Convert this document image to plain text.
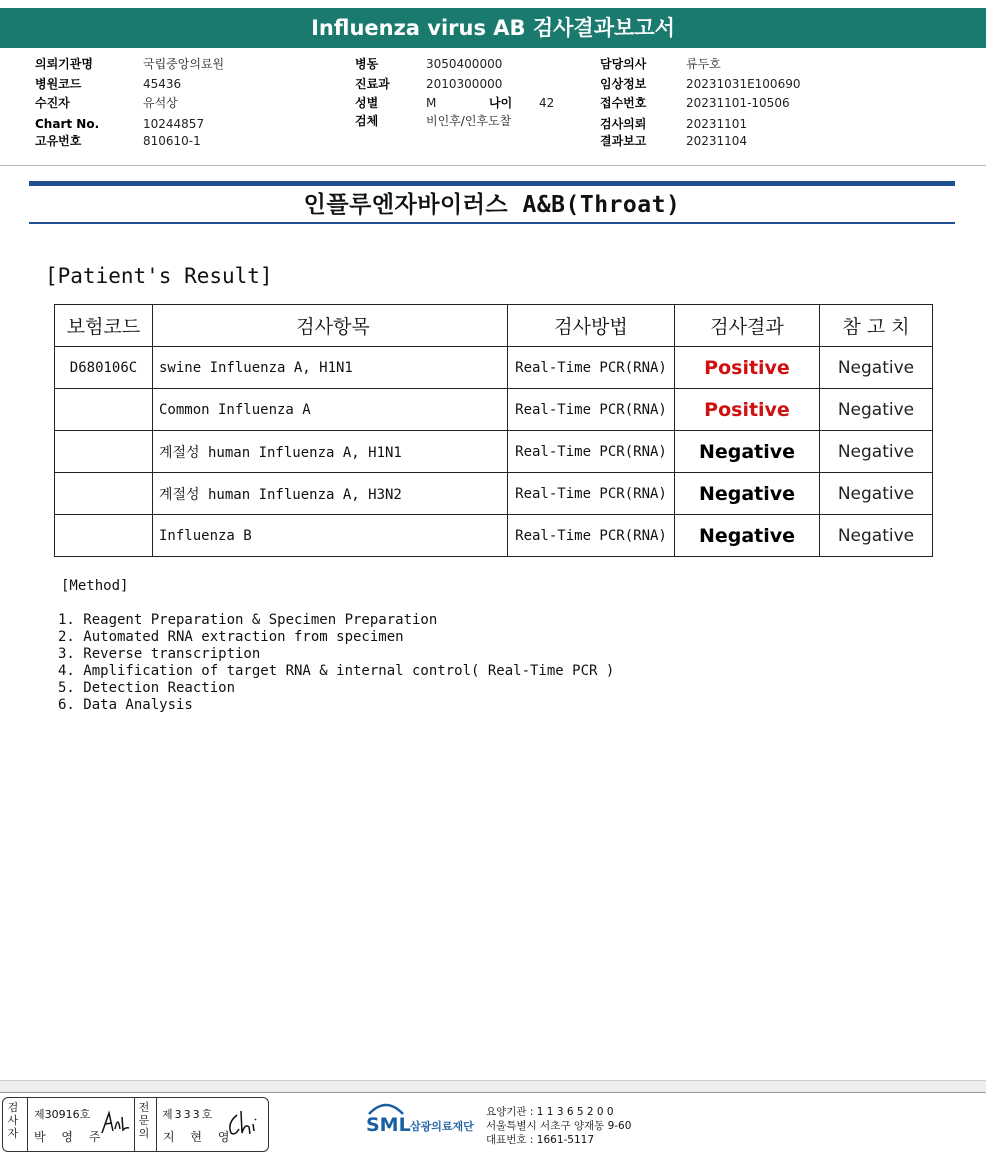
Influenza virus AB 검사결과보고서
의뢰기관명	국립중앙의료원
병원코드	45436
수진자	유석상
Chart No.	10244857
고유번호	810610-1
병동	3050400000
진료과	2010300000
성별	M	나이 42
검체	비인후/인후도찰
담당의사	류두호
임상정보	20231031E100690
접수번호	20231101-10506
검사의뢰	20231101
결과보고	20231104
인플루엔자바이러스 A&B(Throat)
[Patient's Result]
보험코드	검사항목	검사방법	검사결과	참 고 치
D680106C	swine Influenza A, H1N1	Real-Time PCR(RNA)	Positive	Negative
	Common Influenza A	Real-Time PCR(RNA)	Positive	Negative
	계절성 human Influenza A, H1N1	Real-Time PCR(RNA)	Negative	Negative
	계절성 human Influenza A, H3N2	Real-Time PCR(RNA)	Negative	Negative
	Influenza B	Real-Time PCR(RNA)	Negative	Negative
[Method]
1. Reagent Preparation & Specimen Preparation
2. Automated RNA extraction from specimen
3. Reverse transcription
4. Amplification of target RNA & internal control( Real-Time PCR )
5. Detection Reaction
6. Data Analysis
검사자
제30916호
박 영 주
전문의
제333호
지 현 영
SML 삼광의료재단
요양기관 : 1 1 3 6 5 2 0 0
서울특별시 서초구 양재동 9-60
대표번호 : 1661-5117
